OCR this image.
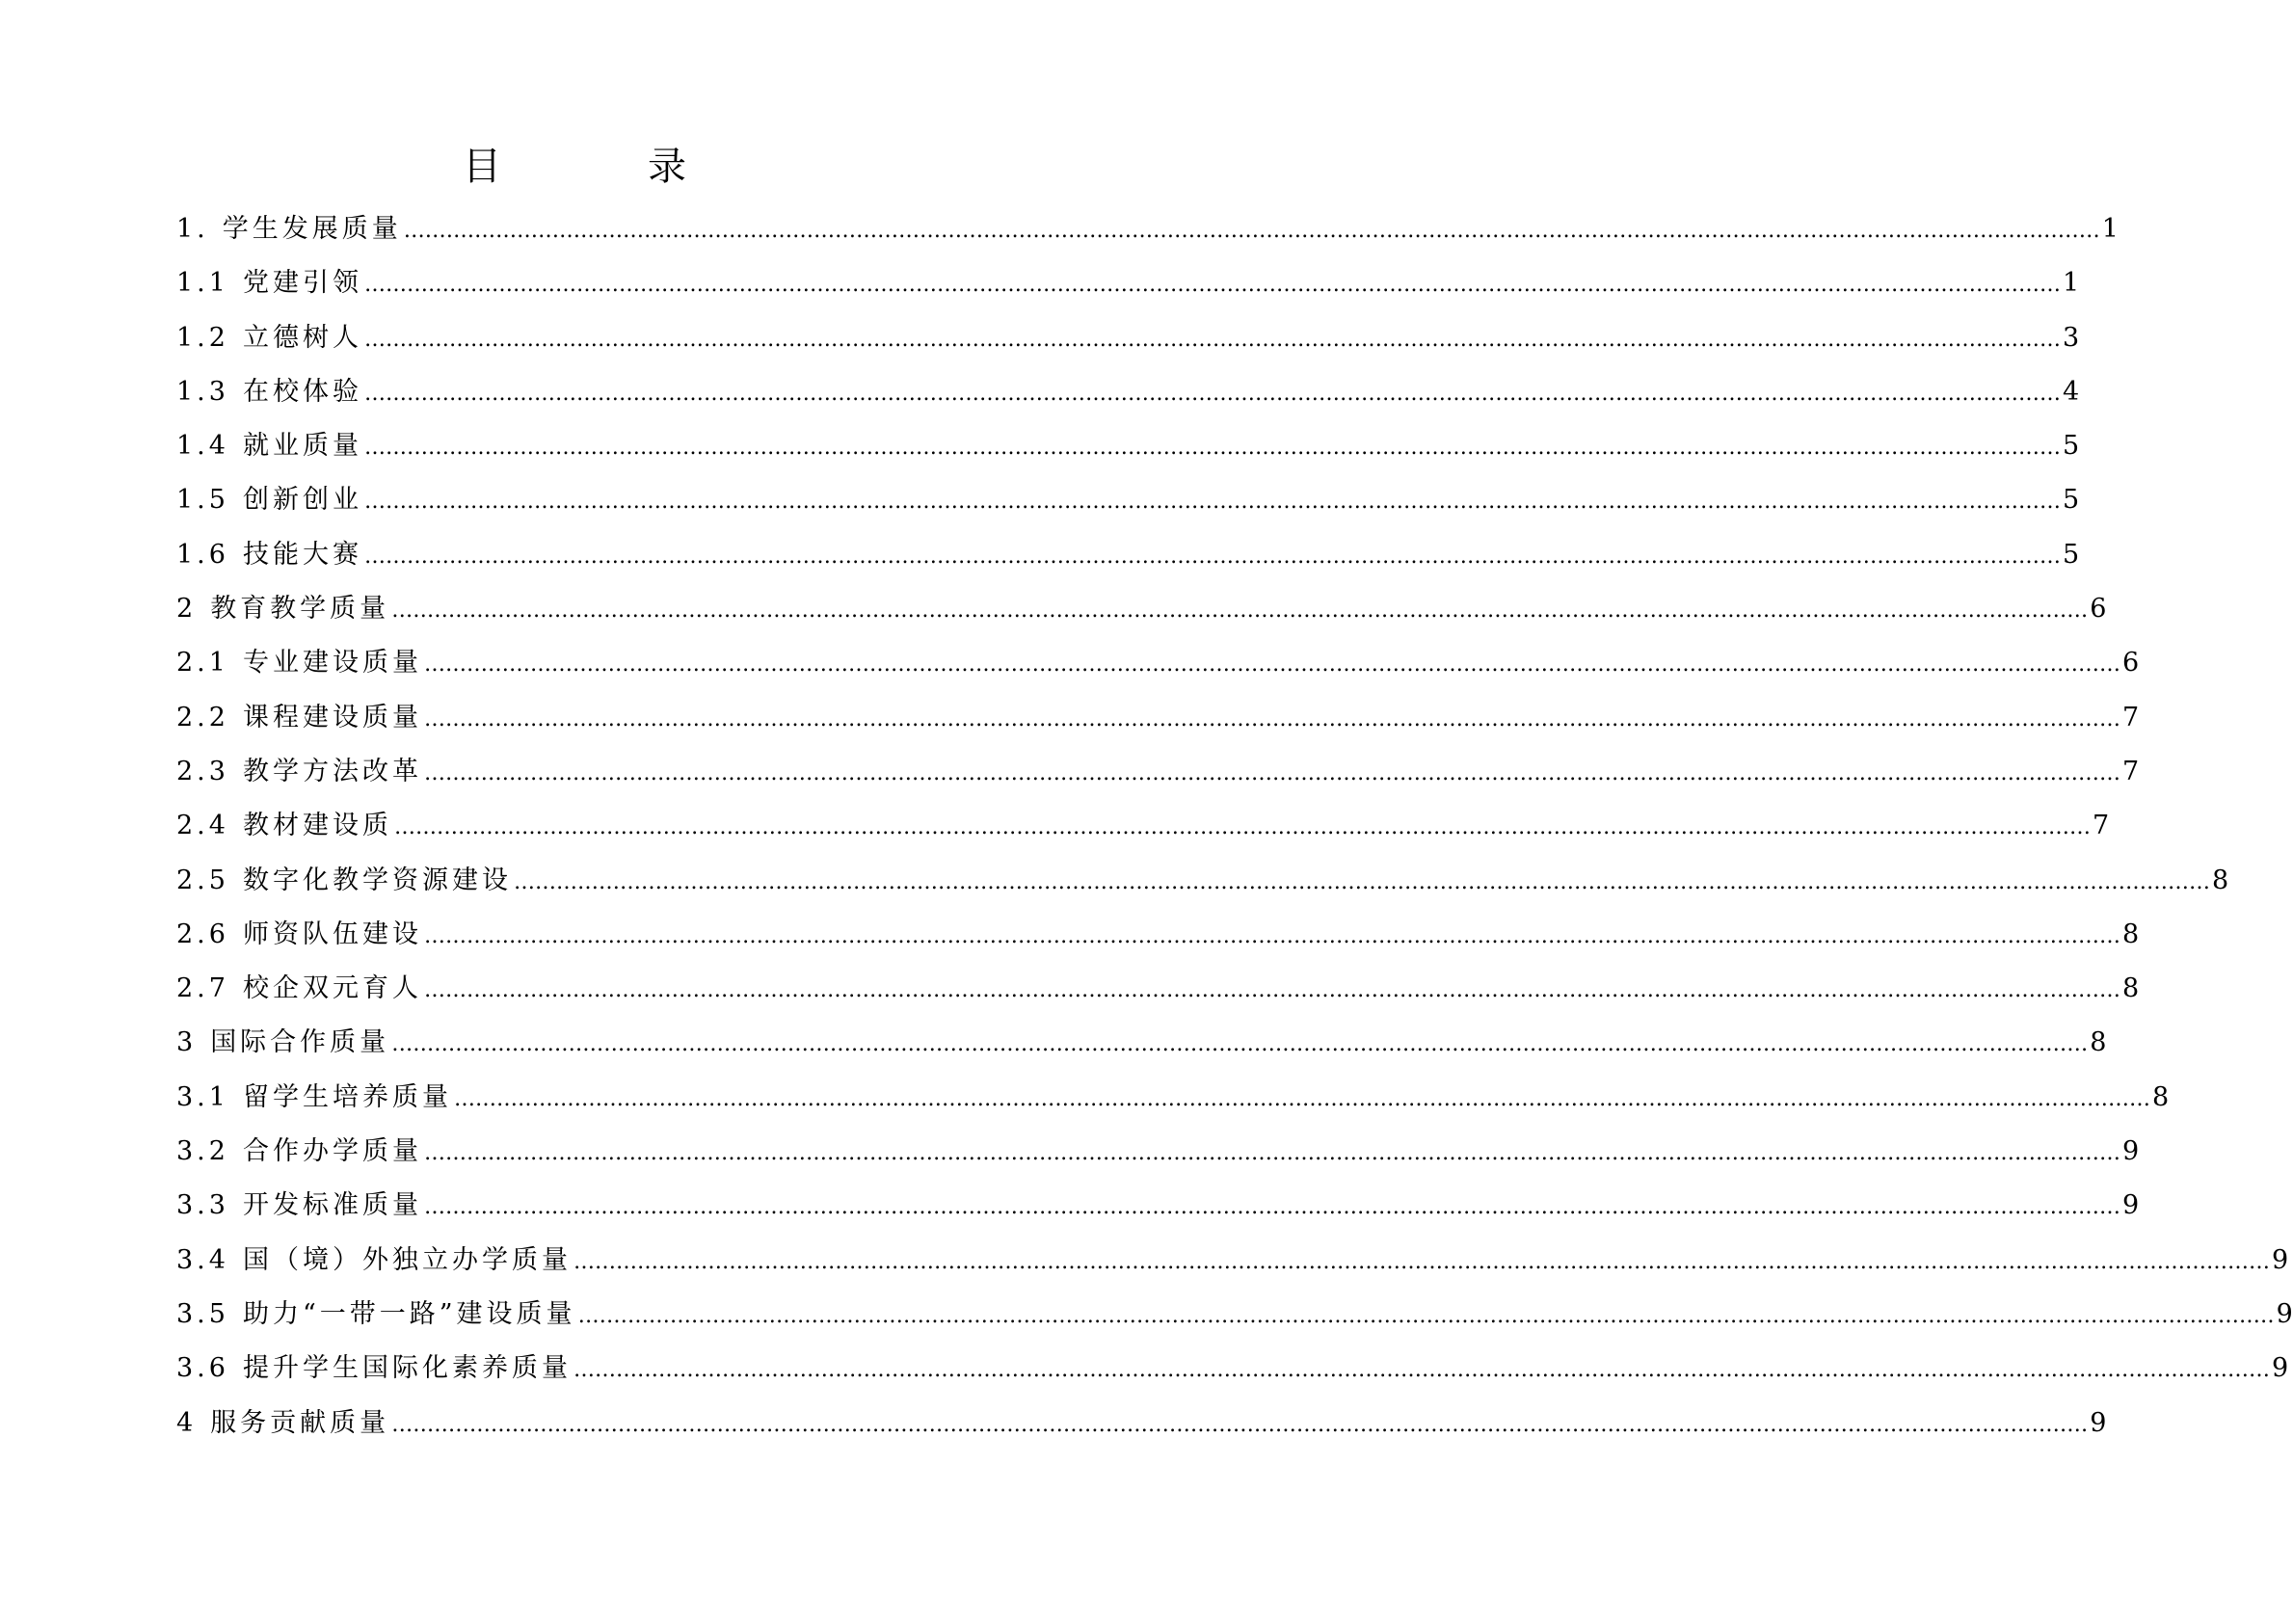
目　录
1. 学生发展质量 …………………………………………………………………………………………………………………………………………………………………………………………………………………… 1
1.1 党建引领 …………………………………………………………………………………………………………………………………………………………………………………………………………………… 1
1.2 立德树人 …………………………………………………………………………………………………………………………………………………………………………………………………………………… 3
1.3 在校体验 …………………………………………………………………………………………………………………………………………………………………………………………………………………… 4
1.4 就业质量 …………………………………………………………………………………………………………………………………………………………………………………………………………………… 5
1.5 创新创业 …………………………………………………………………………………………………………………………………………………………………………………………………………………… 5
1.6 技能大赛 …………………………………………………………………………………………………………………………………………………………………………………………………………………… 5
2 教育教学质量 …………………………………………………………………………………………………………………………………………………………………………………………………………………… 6
2.1 专业建设质量 …………………………………………………………………………………………………………………………………………………………………………………………………………………… 6
2.2 课程建设质量 …………………………………………………………………………………………………………………………………………………………………………………………………………………… 7
2.3 教学方法改革 …………………………………………………………………………………………………………………………………………………………………………………………………………………… 7
2.4 教材建设质 …………………………………………………………………………………………………………………………………………………………………………………………………………………… 7
2.5 数字化教学资源建设 …………………………………………………………………………………………………………………………………………………………………………………………………………………… 8
2.6 师资队伍建设 …………………………………………………………………………………………………………………………………………………………………………………………………………………… 8
2.7 校企双元育人 …………………………………………………………………………………………………………………………………………………………………………………………………………………… 8
3 国际合作质量 …………………………………………………………………………………………………………………………………………………………………………………………………………………… 8
3.1 留学生培养质量 …………………………………………………………………………………………………………………………………………………………………………………………………………………… 8
3.2 合作办学质量 …………………………………………………………………………………………………………………………………………………………………………………………………………………… 9
3.3 开发标准质量 …………………………………………………………………………………………………………………………………………………………………………………………………………………… 9
3.4 国（境）外独立办学质量 …………………………………………………………………………………………………………………………………………………………………………………………………………………… 9
3.5 助力“一带一路”建设质量 …………………………………………………………………………………………………………………………………………………………………………………………………………………… 9
3.6 提升学生国际化素养质量 …………………………………………………………………………………………………………………………………………………………………………………………………………………… 9
4 服务贡献质量 …………………………………………………………………………………………………………………………………………………………………………………………………………………… 9
